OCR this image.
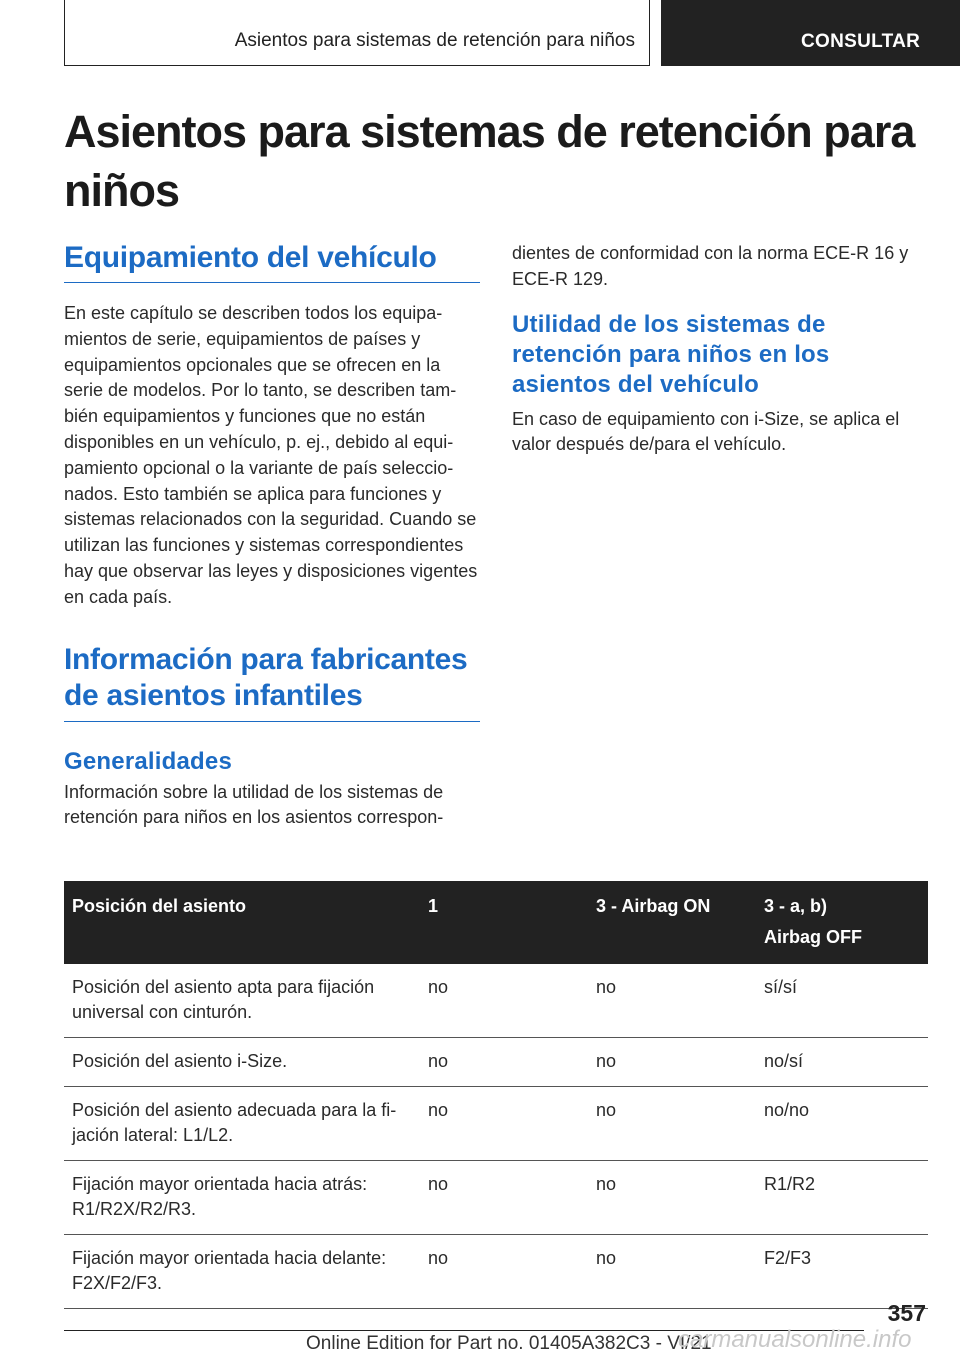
Asientos para sistemas de retención para niños	CONSULTAR
Asientos para sistemas de retención para niños
Equipamiento del vehículo

En este capítulo se describen todos los equipamientos de serie, equipamientos de países y equipamientos opcionales que se ofrecen en la serie de modelos. Por lo tanto, se describen también equipamientos y funciones que no están disponibles en un vehículo, p. ej., debido al equipamiento opcional o la variante de país seleccionados. Esto también se aplica para funciones y sistemas relacionados con la seguridad. Cuando se utilizan las funciones y sistemas correspondientes hay que observar las leyes y disposiciones vigentes en cada país.

Información para fabricantes de asientos infantiles
Generalidades

Información sobre la utilidad de los sistemas de retención para niños en los asientos correspon-

dientes de conformidad con la norma ECE-R 16 y ECE-R 129.

Utilidad de los sistemas de retención para niños en los asientos del vehículo

En caso de equipamiento con i-Size, se aplica el valor después de/para el vehículo.

Posición del asiento	1	3 - Airbag ON	3 - a, b)
Airbag OFF
Posición del asiento apta para fijación universal con cinturón.	no	no	sí/sí
Posición del asiento i-Size.	no	no	no/sí
Posición del asiento adecuada para la fijación lateral: L1/L2.	no	no	no/no
Fijación mayor orientada hacia atrás: R1/R2X/R2/R3.	no	no	R1/R2
Fijación mayor orientada hacia delante: F2X/F2/F3.	no	no	F2/F3
357
Online Edition for Part no. 01405A382C3 - VI/21
carmanualsonline.info
